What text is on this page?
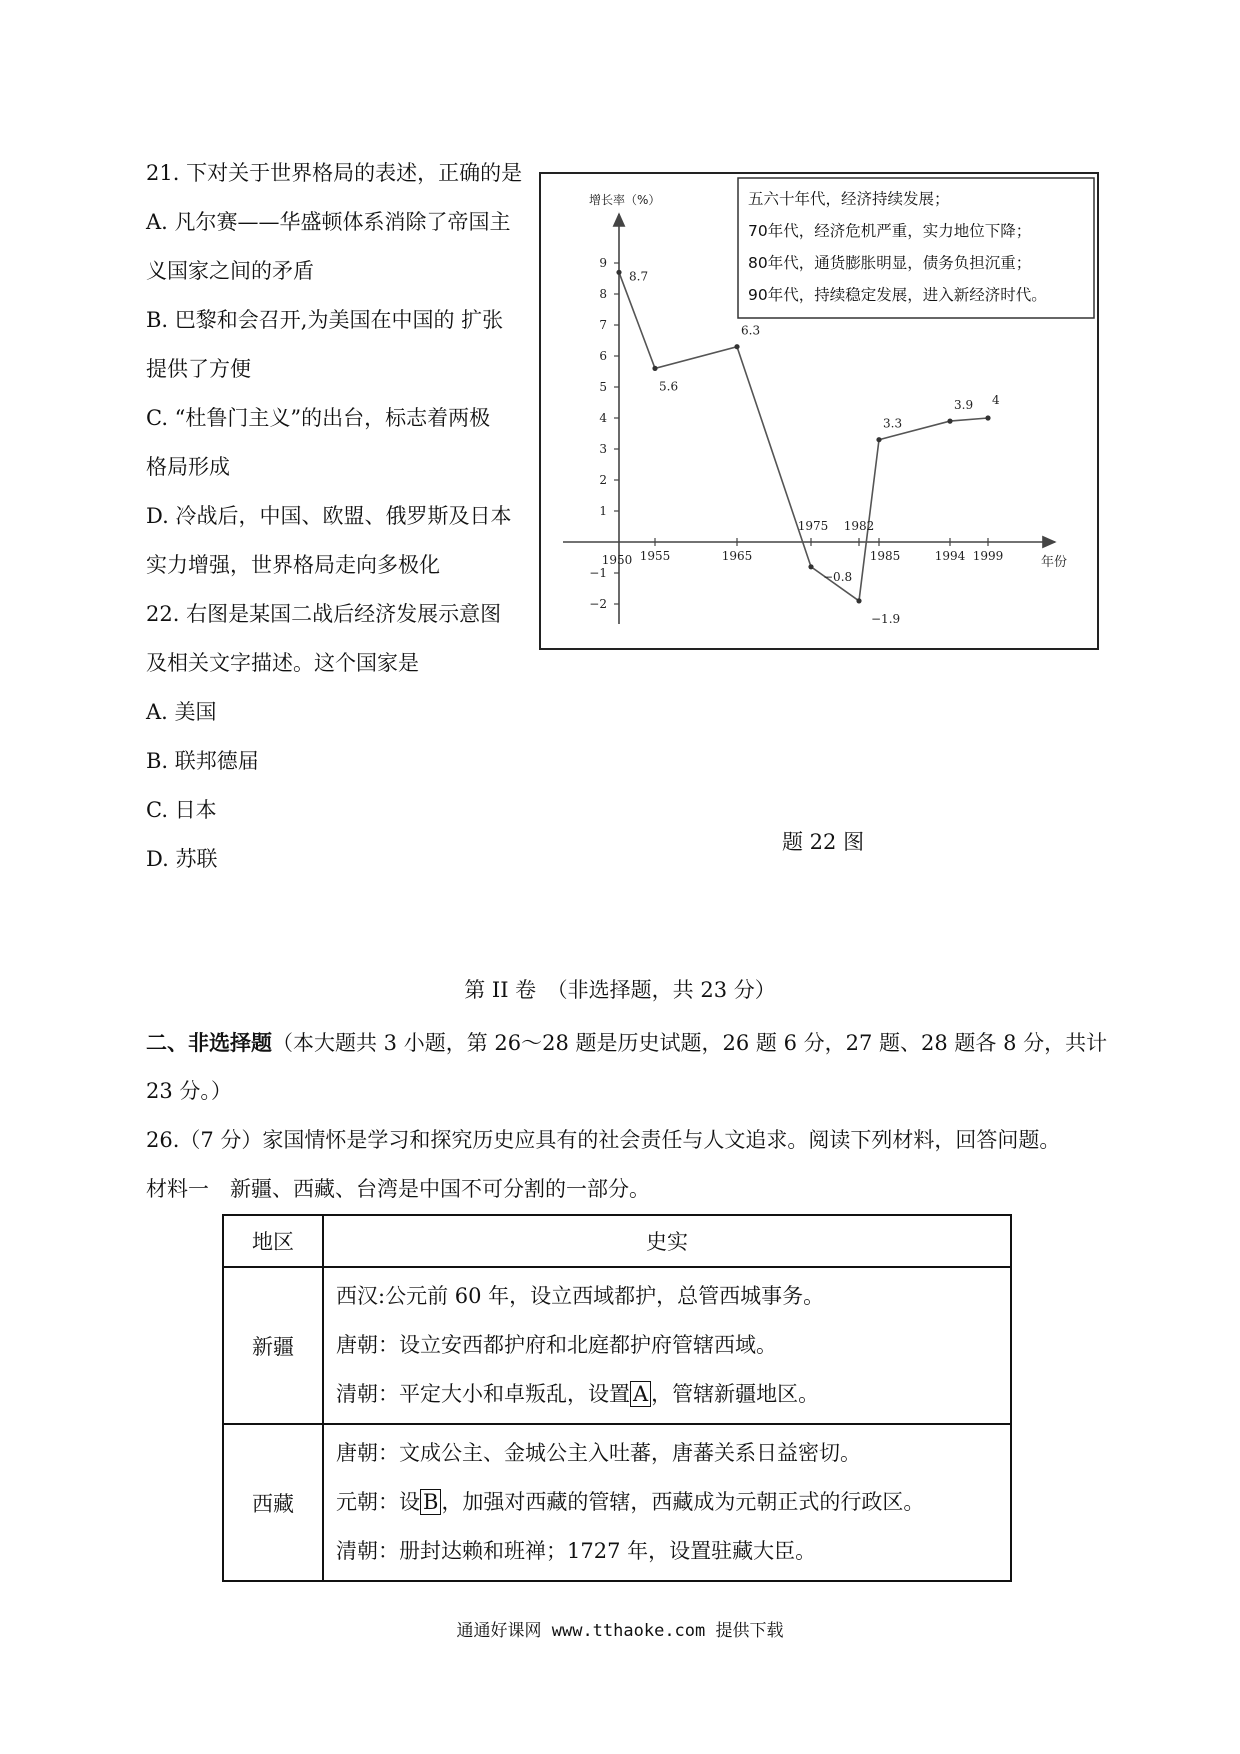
21. 下对关于世界格局的表述，正确的是
A. 凡尔赛——华盛顿体系消除了帝国主
义国家之间的矛盾
B. 巴黎和会召开,为美国在中国的 扩张
提供了方便
C. “杜鲁门主义”的出台，标志着两极
格局形成
D. 冷战后，中国、欧盟、俄罗斯及日本
实力增强，世界格局走向多极化
22. 右图是某国二战后经济发展示意图
及相关文字描述。这个国家是
A. 美国
B. 联邦德届
C. 日本
D. 苏联
增长率（%）
年份
−2
−1
1
2
3
4
5
6
7
8
9
1950 1955	1965
1975 1982
1985	1994 1999
8.7
5.6
6.3
−0.8
−1.9
3.3
3.9 4
五六十年代，经济持续发展；
70年代，经济危机严重，实力地位下降；
80年代，通货膨胀明显，债务负担沉重；
90年代，持续稳定发展，进入新经济时代。
题 22 图
第 II 卷　（非选择题，共 23 分）
二、非选择题（本大题共 3 小题，第 26～28 题是历史试题，26 题 6 分，27 题、28 题各 8 分，共计
23 分。）
26.（7 分）家国情怀是学习和探究历史应具有的社会责任与人文追求。阅读下列材料，回答问题。
材料一　新疆、西藏、台湾是中国不可分割的一部分。
地区	史实
新疆	西汉:公元前 60 年，设立西域都护，总管西城事务。
唐朝：设立安西都护府和北庭都护府管辖西域。
清朝：平定大小和卓叛乱，设置 A ，管辖新疆地区。

西藏	唐朝：文成公主、金城公主入吐蕃，唐蕃关系日益密切。
元朝：设 B ，加强对西藏的管辖，西藏成为元朝正式的行政区。
清朝：册封达赖和班禅；1727 年，设置驻藏大臣。
通通好课网 www.tthaoke.com 提供下载
